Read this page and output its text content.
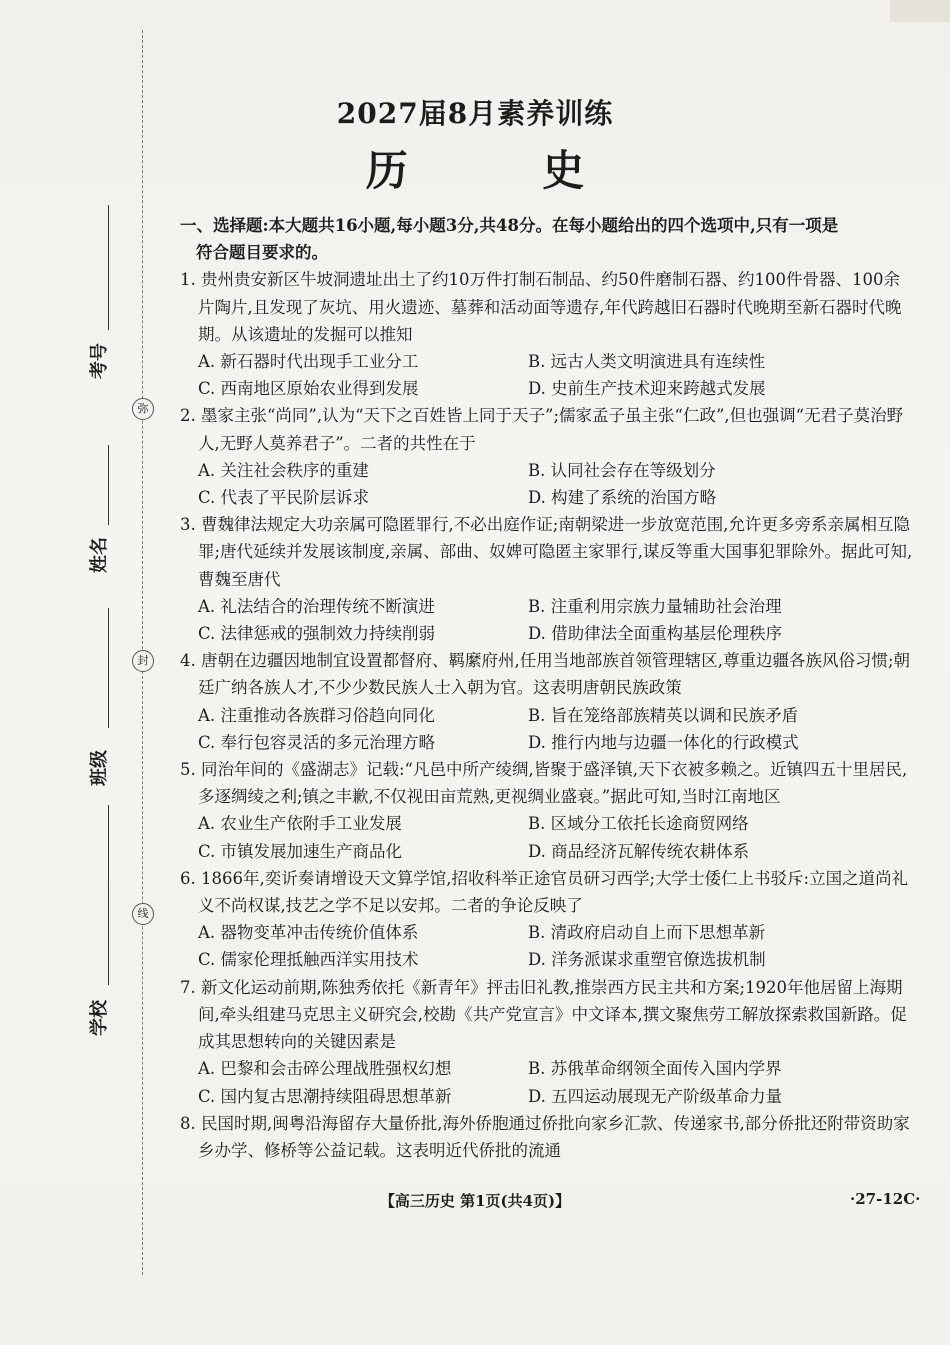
弥
封
线
考号
姓名
班级
学校
2027届8月素养训练
历 史
一、选择题:本大题共16小题,每小题3分,共48分。在每小题给出的四个选项中,只有一项是
符合题目要求的。
1. 贵州贵安新区牛坡洞遗址出土了约10万件打制石制品、约50件磨制石器、约100件骨器、100余片陶片,且发现了灰坑、用火遗迹、墓葬和活动面等遗存,年代跨越旧石器时代晚期至新石器时代晚期。从该遗址的发掘可以推知
A. 新石器时代出现手工业分工	B. 远古人类文明演进具有连续性
C. 西南地区原始农业得到发展	D. 史前生产技术迎来跨越式发展
2. 墨家主张“尚同”,认为“天下之百姓皆上同于天子”;儒家孟子虽主张“仁政”,但也强调“无君子莫治野人,无野人莫养君子”。二者的共性在于
A. 关注社会秩序的重建	B. 认同社会存在等级划分
C. 代表了平民阶层诉求	D. 构建了系统的治国方略
3. 曹魏律法规定大功亲属可隐匿罪行,不必出庭作证;南朝梁进一步放宽范围,允许更多旁系亲属相互隐罪;唐代延续并发展该制度,亲属、部曲、奴婢可隐匿主家罪行,谋反等重大国事犯罪除外。据此可知,曹魏至唐代
A. 礼法结合的治理传统不断演进	B. 注重利用宗族力量辅助社会治理
C. 法律惩戒的强制效力持续削弱	D. 借助律法全面重构基层伦理秩序
4. 唐朝在边疆因地制宜设置都督府、羁縻府州,任用当地部族首领管理辖区,尊重边疆各族风俗习惯;朝廷广纳各族人才,不少少数民族人士入朝为官。这表明唐朝民族政策
A. 注重推动各族群习俗趋向同化	B. 旨在笼络部族精英以调和民族矛盾
C. 奉行包容灵活的多元治理方略	D. 推行内地与边疆一体化的行政模式
5. 同治年间的《盛湖志》记载:“凡邑中所产绫绸,皆聚于盛泽镇,天下衣被多赖之。近镇四五十里居民,多逐绸绫之利;镇之丰歉,不仅视田亩荒熟,更视绸业盛衰。”据此可知,当时江南地区
A. 农业生产依附手工业发展	B. 区域分工依托长途商贸网络
C. 市镇发展加速生产商品化	D. 商品经济瓦解传统农耕体系
6. 1866年,奕䜣奏请增设天文算学馆,招收科举正途官员研习西学;大学士倭仁上书驳斥:立国之道尚礼义不尚权谋,技艺之学不足以安邦。二者的争论反映了
A. 器物变革冲击传统价值体系	B. 清政府启动自上而下思想革新
C. 儒家伦理抵触西洋实用技术	D. 洋务派谋求重塑官僚选拔机制
7. 新文化运动前期,陈独秀依托《新青年》抨击旧礼教,推崇西方民主共和方案;1920年他居留上海期间,牵头组建马克思主义研究会,校勘《共产党宣言》中文译本,撰文聚焦劳工解放探索救国新路。促成其思想转向的关键因素是
A. 巴黎和会击碎公理战胜强权幻想	B. 苏俄革命纲领全面传入国内学界
C. 国内复古思潮持续阻碍思想革新	D. 五四运动展现无产阶级革命力量
8. 民国时期,闽粤沿海留存大量侨批,海外侨胞通过侨批向家乡汇款、传递家书,部分侨批还附带资助家乡办学、修桥等公益记载。这表明近代侨批的流通
【高三历史 第1页(共4页)】	·27-12C·
